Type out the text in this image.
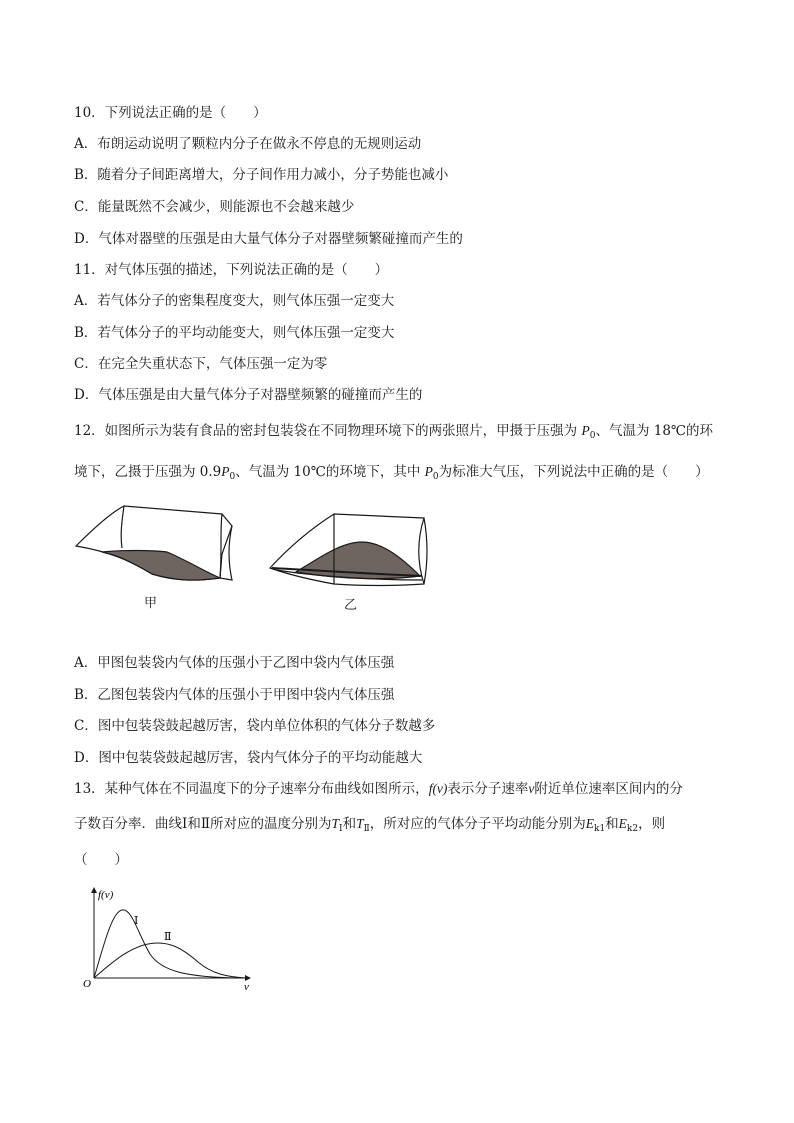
10．下列说法正确的是（　　）
A．布朗运动说明了颗粒内分子在做永不停息的无规则运动
B．随着分子间距离增大，分子间作用力减小，分子势能也减小
C．能量既然不会减少，则能源也不会越来越少
D．气体对器壁的压强是由大量气体分子对器壁频繁碰撞而产生的
11．对气体压强的描述，下列说法正确的是（　　）
A．若气体分子的密集程度变大，则气体压强一定变大
B．若气体分子的平均动能变大，则气体压强一定变大
C．在完全失重状态下，气体压强一定为零
D．气体压强是由大量气体分子对器壁频繁的碰撞而产生的
12．如图所示为装有食品的密封包装袋在不同物理环境下的两张照片，甲摄于压强为 $P_0$、气温为 18℃的环
境下，乙摄于压强为 $0.9P_0$、气温为 10℃的环境下，其中 $P_0$为标准大气压，下列说法中正确的是（　　）
甲	乙
A．甲图包装袋内气体的压强小于乙图中袋内气体压强
B．乙图包装袋内气体的压强小于甲图中袋内气体压强
C．图中包装袋鼓起越厉害，袋内单位体积的气体分子数越多
D．图中包装袋鼓起越厉害，袋内气体分子的平均动能越大
13．某种气体在不同温度下的分子速率分布曲线如图所示，f(v)表示分子速率v附近单位速率区间内的分
子数百分率．曲线Ⅰ和Ⅱ所对应的温度分别为$T_Ⅰ$和$T_Ⅱ$，所对应的气体分子平均动能分别为$E_{k1}$和$E_{k2}$，则
（　　）
f(v)
v
O
Ⅰ
Ⅱ
